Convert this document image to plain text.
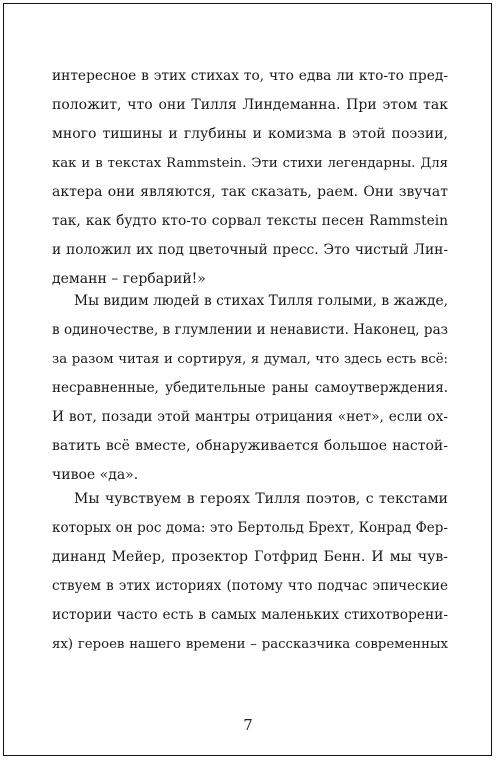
интересное в этих стихах то, что едва ли кто-то пред-
положит, что они Тилля Линдеманна. При этом так
много тишины и глубины и комизма в этой поэзии,
как и в текстах Rammstein. Эти стихи легендарны. Для
актера они являются, так сказать, раем. Они звучат
так, как будто кто-то сорвал тексты песен Rammstein
и положил их под цветочный пресс. Это чистый Лин-
деманн – гербарий!»
Мы видим людей в стихах Тилля голыми, в жажде,
в одиночестве, в глумлении и ненависти. Наконец, раз
за разом читая и сортируя, я думал, что здесь есть всё:
несравненные, убедительные раны самоутверждения.
И вот, позади этой мантры отрицания «нет», если ох-
ватить всё вместе, обнаруживается большое настой-
чивое «да».
Мы чувствуем в героях Тилля поэтов, с текстами
которых он рос дома: это Бертольд Брехт, Конрад Фер-
динанд Мейер, прозектор Готфрид Бенн. И мы чув-
ствуем в этих историях (потому что подчас эпические
истории часто есть в самых маленьких стихотворени-
ях) героев нашего времени – рассказчика современных
7
